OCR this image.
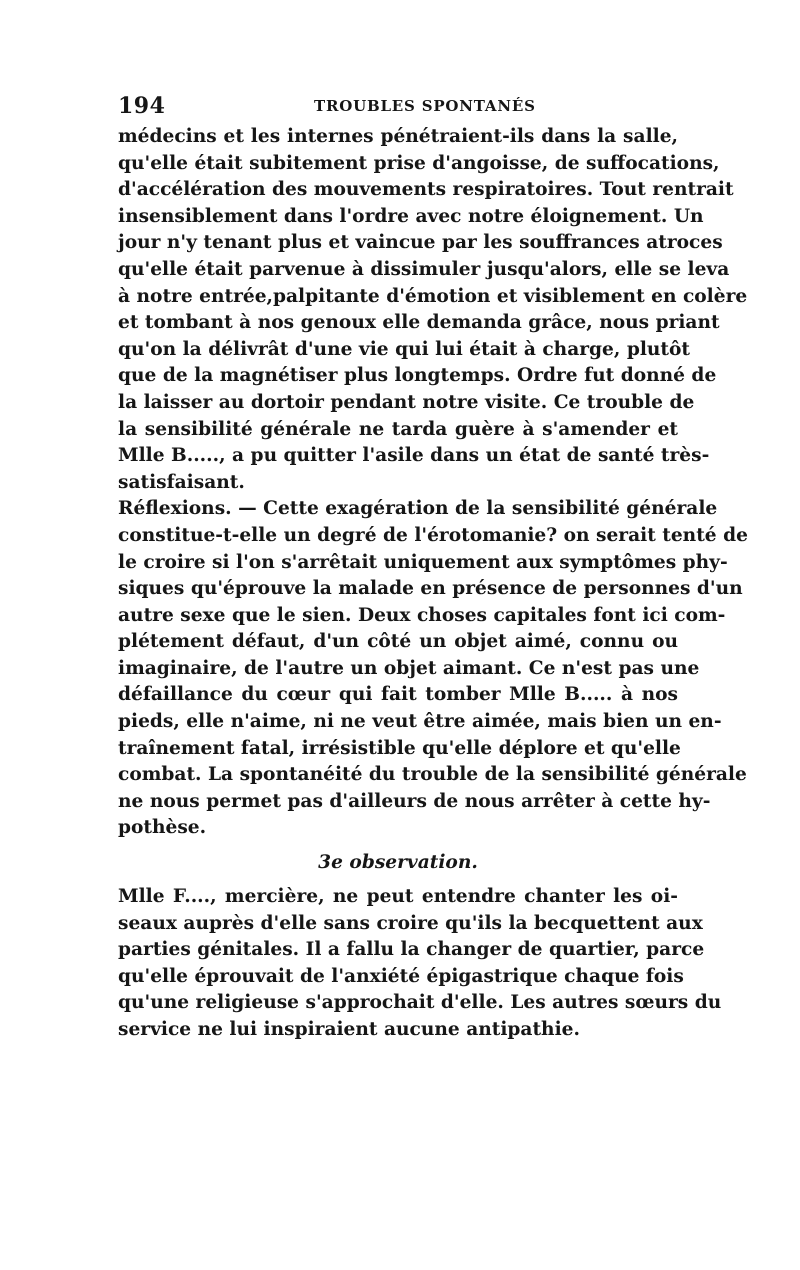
194	TROUBLES SPONTANÉS
médecins et les internes pénétraient-ils dans la salle,
qu'elle était subitement prise d'angoisse, de suffocations,
d'accélération des mouvements respiratoires. Tout rentrait
insensiblement dans l'ordre avec notre éloignement. Un
jour n'y tenant plus et vaincue par les souffrances atroces
qu'elle était parvenue à dissimuler jusqu'alors, elle se leva
à notre entrée,palpitante d'émotion et visiblement en colère
et tombant à nos genoux elle demanda grâce, nous priant
qu'on la délivrât d'une vie qui lui était à charge, plutôt
que de la magnétiser plus longtemps. Ordre fut donné de
la laisser au dortoir pendant notre visite. Ce trouble de
la sensibilité générale ne tarda guère à s'amender et
Mlle B....., a pu quitter l'asile dans un état de santé très-
satisfaisant.
Réflexions. — Cette exagération de la sensibilité générale
constitue-t-elle un degré de l'érotomanie? on serait tenté de
le croire si l'on s'arrêtait uniquement aux symptômes phy-
siques qu'éprouve la malade en présence de personnes d'un
autre sexe que le sien. Deux choses capitales font ici com-
plétement défaut, d'un côté un objet aimé, connu ou
imaginaire, de l'autre un objet aimant. Ce n'est pas une
défaillance du cœur qui fait tomber Mlle B..... à nos
pieds, elle n'aime, ni ne veut être aimée, mais bien un en-
traînement fatal, irrésistible qu'elle déplore et qu'elle
combat. La spontanéité du trouble de la sensibilité générale
ne nous permet pas d'ailleurs de nous arrêter à cette hy-
pothèse.
3e observation.
Mlle F...., mercière, ne peut entendre chanter les oi-
seaux auprès d'elle sans croire qu'ils la becquettent aux
parties génitales. Il a fallu la changer de quartier, parce
qu'elle éprouvait de l'anxiété épigastrique chaque fois
qu'une religieuse s'approchait d'elle. Les autres sœurs du
service ne lui inspiraient aucune antipathie.
